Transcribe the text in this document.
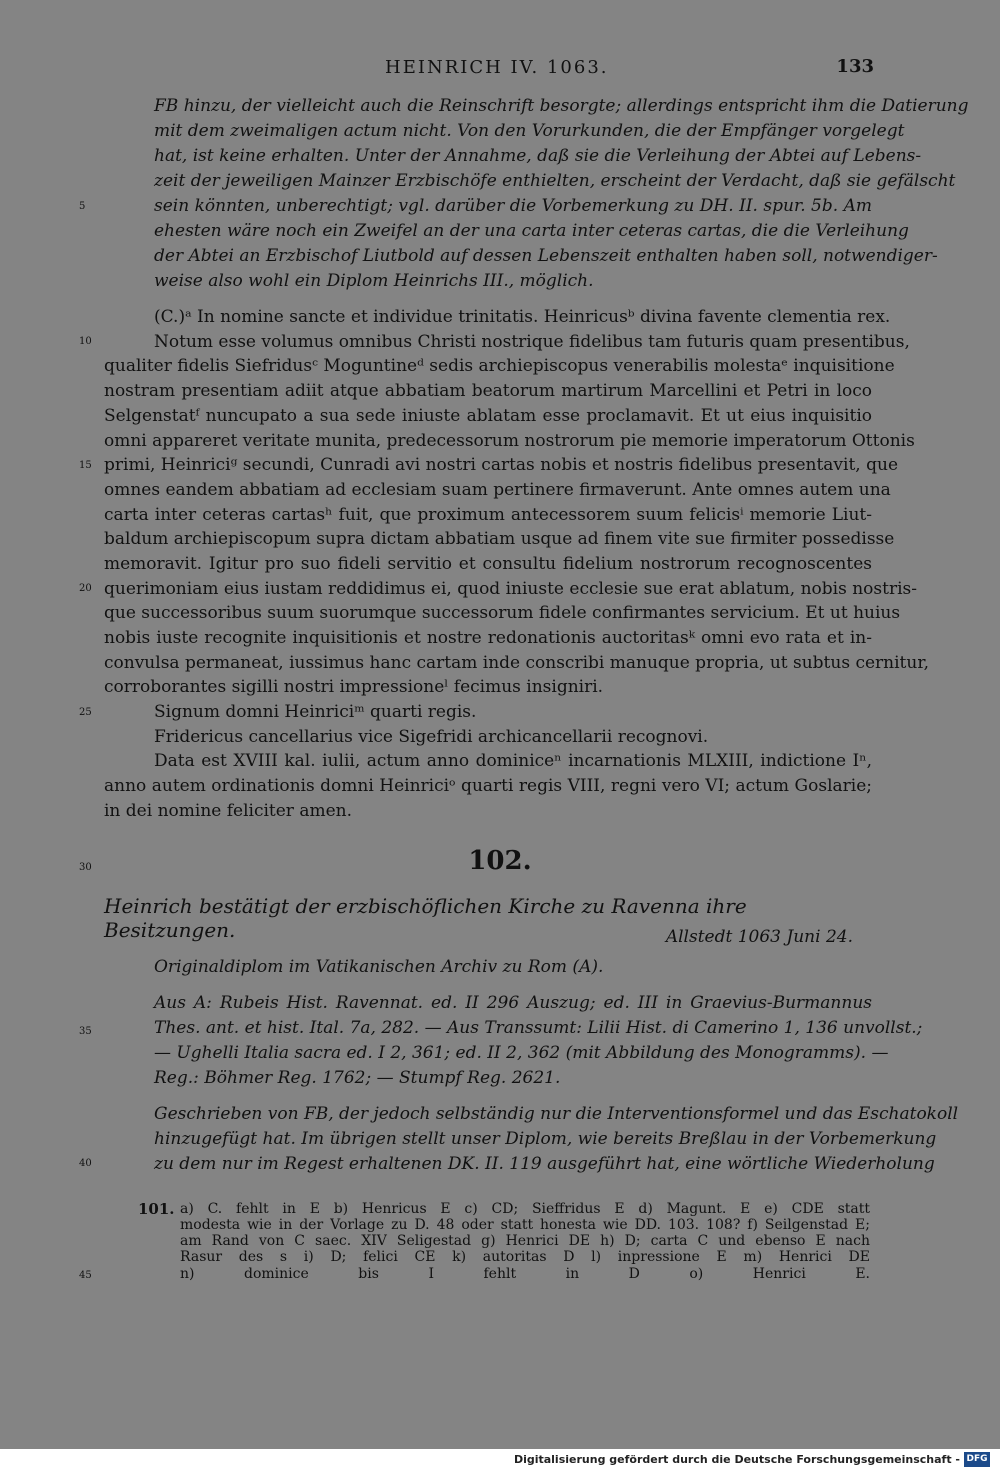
HEINRICH IV. 1063.	133
5
10
15
20
25
30
35
40
45
FB hinzu, der vielleicht auch die Reinschrift besorgte; allerdings entspricht ihm die Datierung
mit dem zweimaligen actum nicht. Von den Vorurkunden, die der Empfänger vorgelegt
hat, ist keine erhalten. Unter der Annahme, daß sie die Verleihung der Abtei auf Lebens-
zeit der jeweiligen Mainzer Erzbischöfe enthielten, erscheint der Verdacht, daß sie gefälscht
sein könnten, unberechtigt; vgl. darüber die Vorbemerkung zu DH. II. spur. 5b. Am
ehesten wäre noch ein Zweifel an der una carta inter ceteras cartas, die die Verleihung
der Abtei an Erzbischof Liutbold auf dessen Lebenszeit enthalten haben soll, notwendiger-
weise also wohl ein Diplom Heinrichs III., möglich.
(C.)ᵃ In nomine sancte et individue trinitatis. Heinricusᵇ divina favente clementia rex.
Notum esse volumus omnibus Christi nostrique fidelibus tam futuris quam presentibus,
qualiter fidelis Siefridusᶜ Moguntineᵈ sedis archiepiscopus venerabilis molestaᵉ inquisitione
nostram presentiam adiit atque abbatiam beatorum martirum Marcellini et Petri in loco
Selgenstatᶠ nuncupato a sua sede iniuste ablatam esse proclamavit. Et ut eius inquisitio
omni appareret veritate munita, predecessorum nostrorum pie memorie imperatorum Ottonis
primi, Heinriciᵍ secundi, Cunradi avi nostri cartas nobis et nostris fidelibus presentavit, que
omnes eandem abbatiam ad ecclesiam suam pertinere firmaverunt. Ante omnes autem una
carta inter ceteras cartasʰ fuit, que proximum antecessorem suum felicisⁱ memorie Liut-
baldum archiepiscopum supra dictam abbatiam usque ad finem vite sue firmiter possedisse
memoravit. Igitur pro suo fideli servitio et consultu fidelium nostrorum recognoscentes
querimoniam eius iustam reddidimus ei, quod iniuste ecclesie sue erat ablatum, nobis nostris-
que successoribus suum suorumque successorum fidele confirmantes servicium. Et ut huius
nobis iuste recognite inquisitionis et nostre redonationis auctoritasᵏ omni evo rata et in-
convulsa permaneat, iussimus hanc cartam inde conscribi manuque propria, ut subtus cernitur,
corroborantes sigilli nostri impressioneˡ fecimus insigniri.
Signum domni Heinriciᵐ quarti regis.
Fridericus cancellarius vice Sigefridi archicancellarii recognovi.
Data est XVIII kal. iulii, actum anno dominiceⁿ incarnationis MLXIII, indictione Iⁿ,
anno autem ordinationis domni Heinriciᵒ quarti regis VIII, regni vero VI; actum Goslarie;
in dei nomine feliciter amen.
102.
Heinrich bestätigt der erzbischöflichen Kirche zu Ravenna ihre Besitzungen.	Allstedt 1063 Juni 24.
Originaldiplom im Vatikanischen Archiv zu Rom (A).
Aus A: Rubeis Hist. Ravennat. ed. II 296 Auszug; ed. III in Graevius-Burmannus
Thes. ant. et hist. Ital. 7a, 282. — Aus Transsumt: Lilii Hist. di Camerino 1, 136 unvollst.;
— Ughelli Italia sacra ed. I 2, 361; ed. II 2, 362 (mit Abbildung des Monogramms). —
Reg.: Böhmer Reg. 1762; — Stumpf Reg. 2621.
Geschrieben von FB, der jedoch selbständig nur die Interventionsformel und das Eschatokoll
hinzugefügt hat. Im übrigen stellt unser Diplom, wie bereits Breßlau in der Vorbemerkung
zu dem nur im Regest erhaltenen DK. II. 119 ausgeführt hat, eine wörtliche Wiederholung
101. a) C. fehlt in E b) Henricus E c) CD; Sieffridus E d) Magunt. E e) CDE statt
modesta wie in der Vorlage zu D. 48 oder statt honesta wie DD. 103. 108? f) Seilgenstad E;
am Rand von C saec. XIV Seligestad g) Henrici DE h) D; carta C und ebenso E nach
Rasur des s i) D; felici CE k) autoritas D l) inpressione E m) Henrici DE
n) dominice bis I fehlt in D o) Henrici E.
Digitalisierung gefördert durch die Deutsche Forschungsgemeinschaft - DFG
